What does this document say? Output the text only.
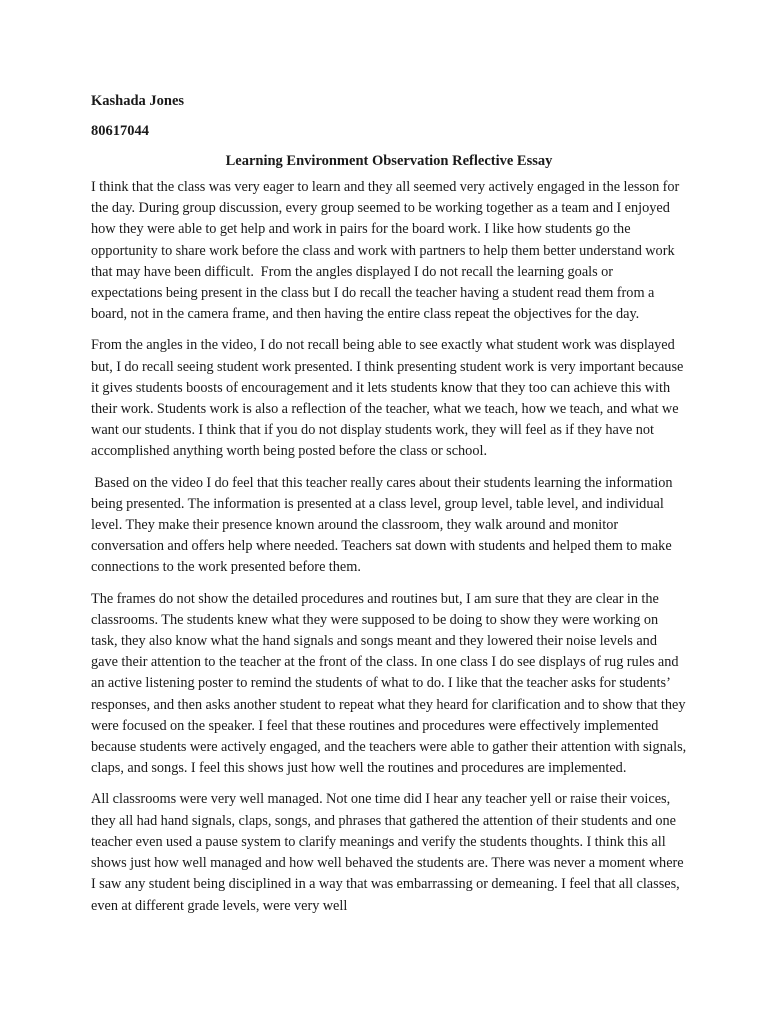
Kashada Jones
80617044
Learning Environment Observation Reflective Essay

I think that the class was very eager to learn and they all seemed very actively engaged in the lesson for the day. During group discussion, every group seemed to be working together as a team and I enjoyed how they were able to get help and work in pairs for the board work. I like how students go the opportunity to share work before the class and work with partners to help them better understand work that may have been difficult.  From the angles displayed I do not recall the learning goals or expectations being present in the class but I do recall the teacher having a student read them from a board, not in the camera frame, and then having the entire class repeat the objectives for the day.

From the angles in the video, I do not recall being able to see exactly what student work was displayed but, I do recall seeing student work presented. I think presenting student work is very important because it gives students boosts of encouragement and it lets students know that they too can achieve this with their work. Students work is also a reflection of the teacher, what we teach, how we teach, and what we want our students. I think that if you do not display students work, they will feel as if they have not accomplished anything worth being posted before the class or school.

Based on the video I do feel that this teacher really cares about their students learning the information being presented. The information is presented at a class level, group level, table level, and individual level. They make their presence known around the classroom, they walk around and monitor conversation and offers help where needed. Teachers sat down with students and helped them to make connections to the work presented before them.

The frames do not show the detailed procedures and routines but, I am sure that they are clear in the classrooms. The students knew what they were supposed to be doing to show they were working on task, they also know what the hand signals and songs meant and they lowered their noise levels and gave their attention to the teacher at the front of the class. In one class I do see displays of rug rules and an active listening poster to remind the students of what to do. I like that the teacher asks for students’ responses, and then asks another student to repeat what they heard for clarification and to show that they were focused on the speaker. I feel that these routines and procedures were effectively implemented because students were actively engaged, and the teachers were able to gather their attention with signals, claps, and songs. I feel this shows just how well the routines and procedures are implemented.

All classrooms were very well managed. Not one time did I hear any teacher yell or raise their voices, they all had hand signals, claps, songs, and phrases that gathered the attention of their students and one teacher even used a pause system to clarify meanings and verify the students thoughts. I think this all shows just how well managed and how well behaved the students are. There was never a moment where I saw any student being disciplined in a way that was embarrassing or demeaning. I feel that all classes, even at different grade levels, were very well
